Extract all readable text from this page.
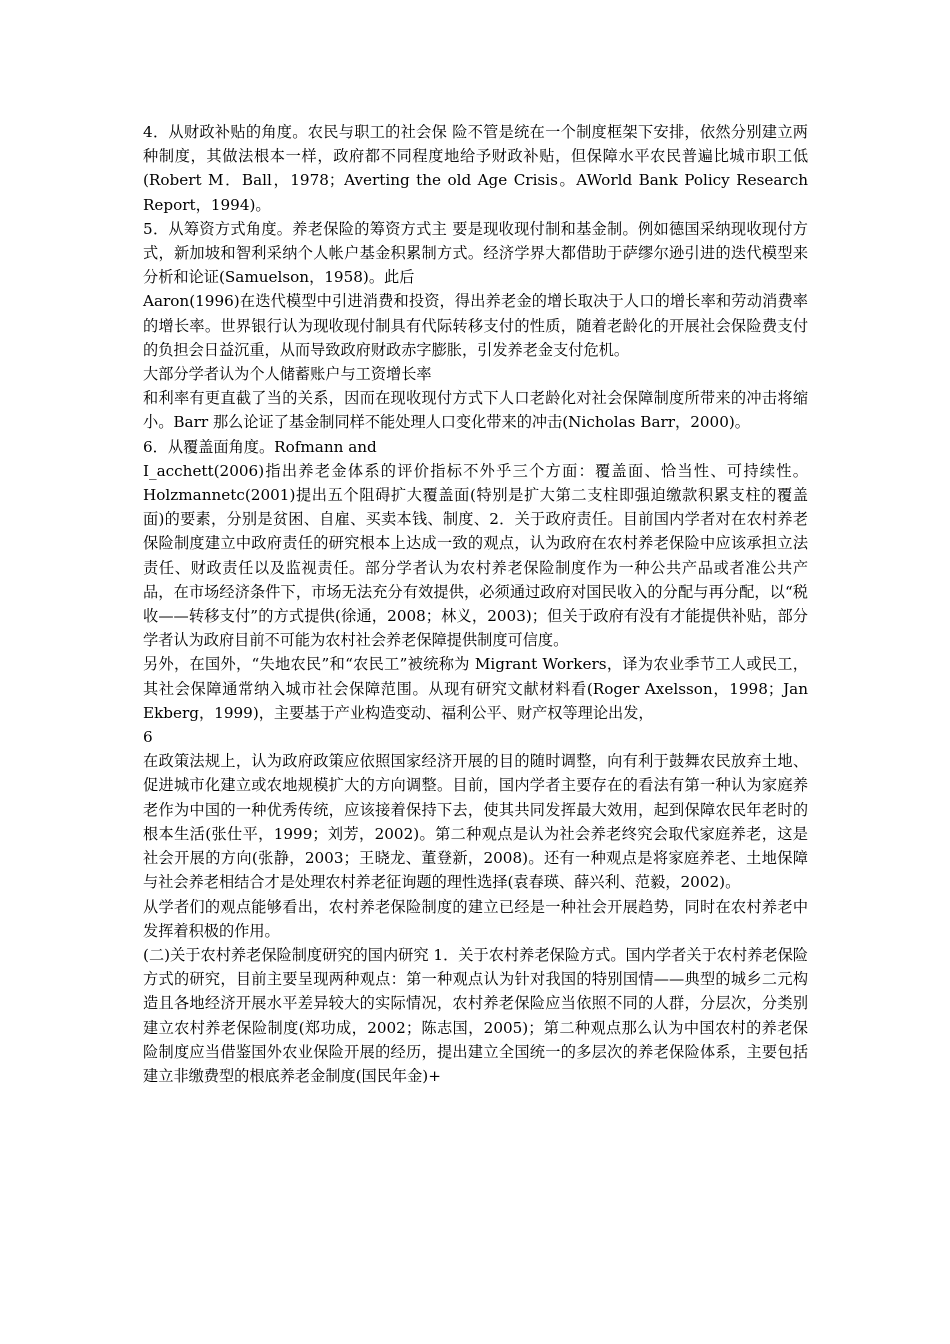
4．从财政补贴的角度。农民与职工的社会保 险不管是统在一个制度框架下安排，依然分别建立两种制度，其做法根本一样，政府都不同程度地给予财政补贴，但保障水平农民普遍比城市职工低(Robert M．Ball，1978；Averting the old Age Crisis。AWorld Bank Policy Research Report，1994)。

5．从筹资方式角度。养老保险的筹资方式主 要是现收现付制和基金制。例如德国采纳现收现付方式，新加坡和智利采纳个人帐户基金积累制方式。经济学界大都借助于萨缪尔逊引进的迭代模型来分析和论证(Samuelson，1958)。此后

Aaron(1996)在迭代模型中引进消费和投资，得出养老金的增长取决于人口的增长率和劳动消费率的增长率。世界银行认为现收现付制具有代际转移支付的性质，随着老龄化的开展社会保险费支付的负担会日益沉重，从而导致政府财政赤字膨胀，引发养老金支付危机。

大部分学者认为个人储蓄账户与工资增长率

和利率有更直截了当的关系，因而在现收现付方式下人口老龄化对社会保障制度所带来的冲击将缩小。Barr 那么论证了基金制同样不能处理人口变化带来的冲击(Nicholas Barr，2000)。

6．从覆盖面角度。Rofmann and

I_acchett(2006)指出养老金体系的评价指标不外乎三个方面：覆盖面、恰当性、可持续性。Holzmannetc(2001)提出五个阻碍扩大覆盖面(特别是扩大第二支柱即强迫缴款积累支柱的覆盖面)的要素，分别是贫困、自雇、买卖本钱、制度、2．关于政府责任。目前国内学者对在农村养老保险制度建立中政府责任的研究根本上达成一致的观点，认为政府在农村养老保险中应该承担立法责任、财政责任以及监视责任。部分学者认为农村养老保险制度作为一种公共产品或者准公共产品，在市场经济条件下，市场无法充分有效提供，必须通过政府对国民收入的分配与再分配，以“税收——转移支付”的方式提供(徐通，2008；林义，2003)；但关于政府有没有才能提供补贴，部分学者认为政府目前不可能为农村社会养老保障提供制度可信度。

另外，在国外，“失地农民”和“农民工”被统称为 Migrant Workers，译为农业季节工人或民工，其社会保障通常纳入城市社会保障范围。从现有研究文献材料看(Roger Axelsson，1998；Jan Ekberg，1999)，主要基于产业构造变动、福利公平、财产权等理论出发，

6

在政策法规上，认为政府政策应依照国家经济开展的目的随时调整，向有利于鼓舞农民放弃土地、促进城市化建立或农地规模扩大的方向调整。目前，国内学者主要存在的看法有第一种认为家庭养老作为中国的一种优秀传统，应该接着保持下去，使其共同发挥最大效用，起到保障农民年老时的根本生活(张仕平，1999；刘芳，2002)。第二种观点是认为社会养老终究会取代家庭养老，这是社会开展的方向(张静，2003；王晓龙、董登新，2008)。还有一种观点是将家庭养老、土地保障与社会养老相结合才是处理农村养老征询题的理性选择(袁春瑛、薛兴利、范毅，2002)。

从学者们的观点能够看出，农村养老保险制度的建立已经是一种社会开展趋势，同时在农村养老中发挥着积极的作用。

(二)关于农村养老保险制度研究的国内研究 1．关于农村养老保险方式。国内学者关于农村养老保险方式的研究，目前主要呈现两种观点：第一种观点认为针对我国的特别国情——典型的城乡二元构造且各地经济开展水平差异较大的实际情况，农村养老保险应当依照不同的人群，分层次，分类别建立农村养老保险制度(郑功成，2002；陈志国，2005)；第二种观点那么认为中国农村的养老保险制度应当借鉴国外农业保险开展的经历，提出建立全国统一的多层次的养老保险体系，主要包括建立非缴费型的根底养老金制度(国民年金)+
